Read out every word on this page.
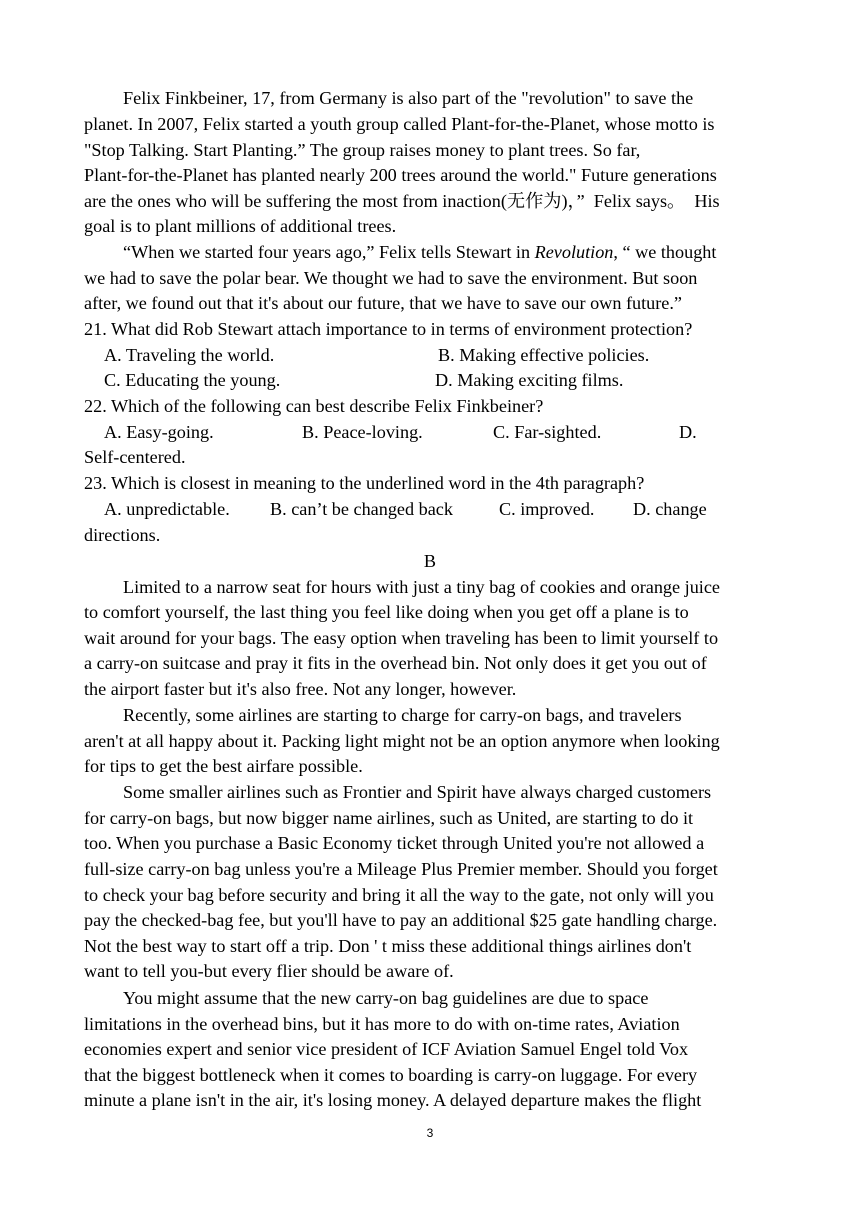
Felix Finkbeiner, 17, from Germany is also part of the "revolution" to save the
planet. In 2007, Felix started a youth group called Plant-for-the-Planet, whose motto is
"Stop Talking. Start Planting.” The group raises money to plant trees. So far,
Plant-for-the-Planet has planted nearly 200 trees around the world." Future generations
are the ones who will be suffering the most from inaction(无作为)，”  Felix says。  His
goal is to plant millions of additional trees.
“When we started four years ago,” Felix tells Stewart in Revolution, “ we thought
we had to save the polar bear. We thought we had to save the environment. But soon
after, we found out that it's about our future, that we have to save our own future.”
21. What did Rob Stewart attach importance to in terms of environment protection?
A. Traveling the world.	B. Making effective policies.
C. Educating the young.	D. Making exciting films.
22. Which of the following can best describe Felix Finkbeiner?
A. Easy-going.	B. Peace-loving.	C. Far-sighted.	D.
Self-centered.
23. Which is closest in meaning to the underlined word in the 4th paragraph?
A. unpredictable. B. can’t be changed back	C. improved. D. change
directions.
B
Limited to a narrow seat for hours with just a tiny bag of cookies and orange juice
to comfort yourself, the last thing you feel like doing when you get off a plane is to
wait around for your bags. The easy option when traveling has been to limit yourself to
a carry-on suitcase and pray it fits in the overhead bin. Not only does it get you out of
the airport faster but it's also free. Not any longer, however.
Recently, some airlines are starting to charge for carry-on bags, and travelers
aren't at all happy about it. Packing light might not be an option anymore when looking
for tips to get the best airfare possible.
Some smaller airlines such as Frontier and Spirit have always charged customers
for carry-on bags, but now bigger name airlines, such as United, are starting to do it
too. When you purchase a Basic Economy ticket through United you're not allowed a
full-size carry-on bag unless you're a Mileage Plus Premier member. Should you forget
to check your bag before security and bring it all the way to the gate, not only will you
pay the checked-bag fee, but you'll have to pay an additional $25 gate handling charge.
Not the best way to start off a trip. Don ' t miss these additional things airlines don't
want to tell you-but every flier should be aware of.
You might assume that the new carry-on bag guidelines are due to space
limitations in the overhead bins, but it has more to do with on-time rates, Aviation
economies expert and senior vice president of ICF Aviation Samuel Engel told Vox
that the biggest bottleneck when it comes to boarding is carry-on luggage. For every
minute a plane isn't in the air, it's losing money. A delayed departure makes the flight
3
